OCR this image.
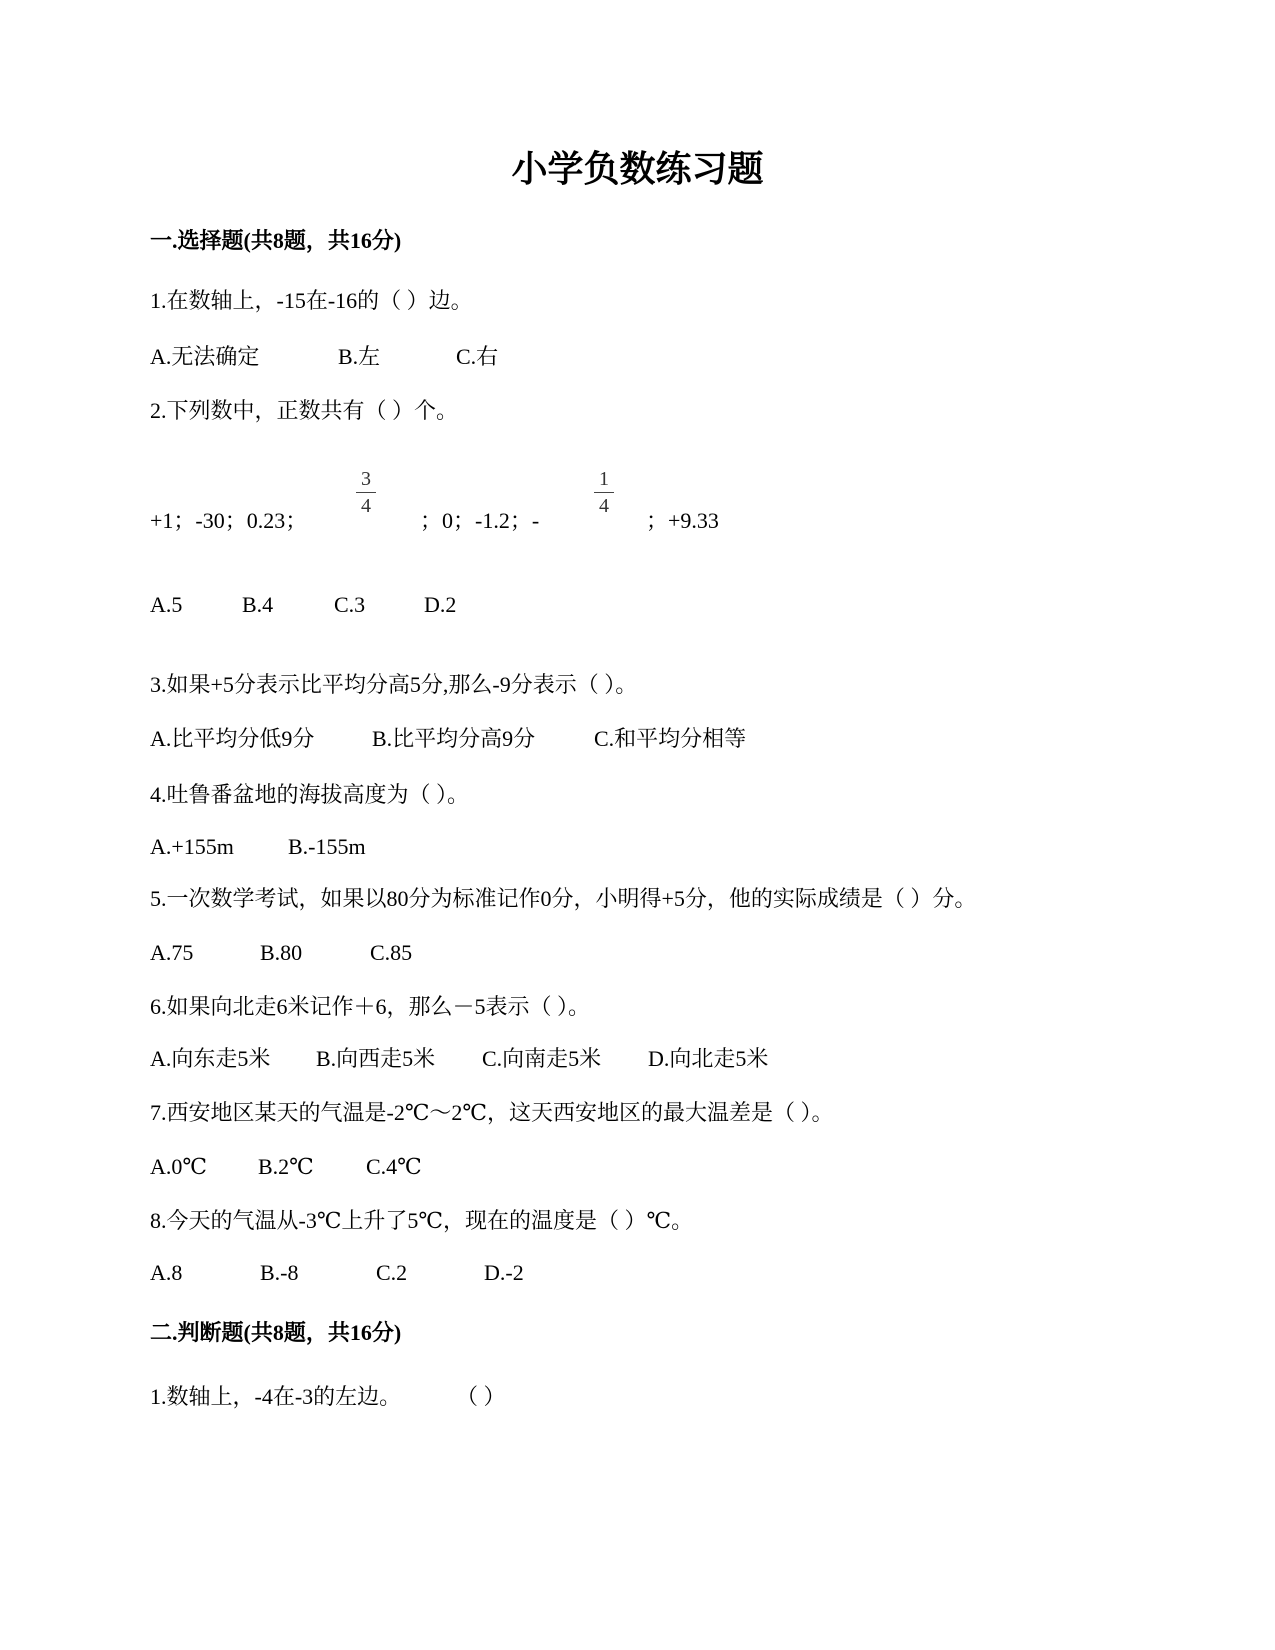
小学负数练习题
一.选择题(共8题，共16分)
1.在数轴上，-15在-16的（ ）边。
A.无法确定	B.左	C.右
2.下列数中，正数共有（ ）个。
+1；-30；0.23；
3
4
；0；-1.2；-
1
4
；+9.33
A.5	B.4	C.3	D.2
3.如果+5分表示比平均分高5分,那么-9分表示（ ）。
A.比平均分低9分	B.比平均分高9分	C.和平均分相等
4.吐鲁番盆地的海拔高度为（ ）。
A.+155m B.-155m
5.一次数学考试，如果以80分为标准记作0分，小明得+5分，他的实际成绩是（ ）分。
A.75	B.80	C.85
6.如果向北走6米记作＋6，那么－5表示（ ）。
A.向东走5米 B.向西走5米 C.向南走5米 D.向北走5米
7.西安地区某天的气温是-2℃～2℃，这天西安地区的最大温差是（ ）。
A.0℃ B.2℃ C.4℃
8.今天的气温从-3℃上升了5℃，现在的温度是（ ）℃。
A.8	B.-8	C.2	D.-2
二.判断题(共8题，共16分)
1.数轴上，-4在-3的左边。 （ ）
